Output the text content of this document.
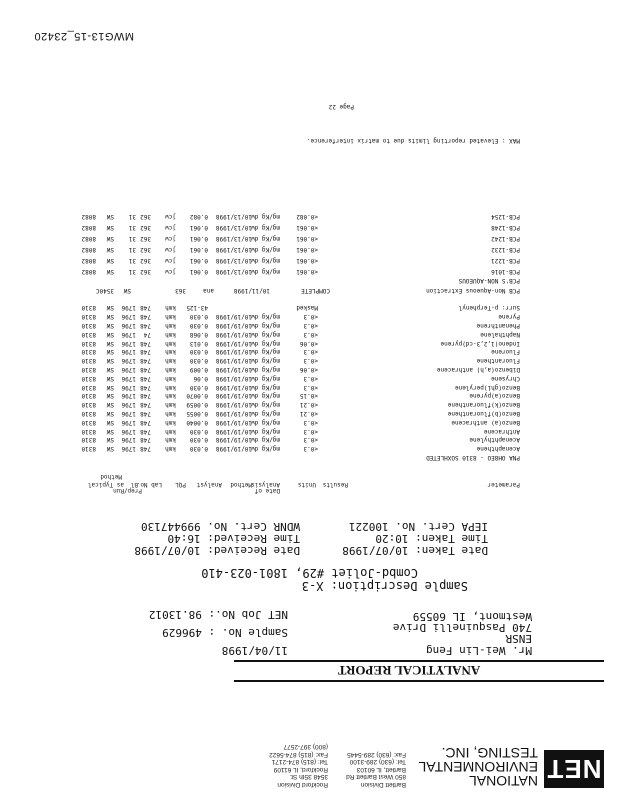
NET
NATIONAL
ENVIRONMENTAL
TESTING, INC.
Bartlett Division
850 West Bartlett Rd
Bartlett, IL 60103
Tel: (630) 289-3100
Fax: (630) 289-5445
Rockford Division
3548 35th St.
Rockford, IL 61109
Tel: (815) 874-2171
Fax: (815) 874-5622
(800) 397-2577
ANALYTICAL REPORT
Mr. Wei-Lin Feng
ENSR
740 Pasquinelli Drive
Westmont, IL 60559
11/04/1998
Sample No. : 496629
NET Job No.: 98.13012
Sample Description: X-3
Combd-Joliet #29, 1801-023-410
Date Taken: 10/07/1998
Time Taken: 10:20
IEPA Cert. No. 100221
Date Received: 10/07/1998
Time Received: 16:40
WDNR Cert. No. 999447130
Parameter
Results
Units
Date of
Analysis
Method
Analyst
PQL
Lab No.
Prep/Run
Bl
as Typical
Method
PNA OH8EO - 8310 SOXHLETED
Acenaphthene
<0.3
mg/Kg dw
10/19/1998
0.030
kmh
748
1796
SW
8310
Acenaphthylene
<0.3
mg/Kg dw
10/19/1998
0.030
kmh
748
1796
SW
8310
Anthracene
<0.3
mg/Kg dw
10/19/1998
0.030
kmh
748
1796
SW
8310
Benzo(a) anthracene
<0.3
mg/Kg dw
10/19/1998
0.0040
kmh
748
1796
SW
8310
Benzo(b)fluoranthene
<0.21
mg/Kg dw
10/19/1998
0.0055
kmh
748
1796
SW
8310
Benzo(k)fluoranthene
<0.21
mg/Kg dw
10/19/1998
0.0059
kmh
748
1796
SW
8310
Benzo(a)pyrene
<0.15
mg/Kg dw
10/19/1998
0.0070
kmh
748
1796
SW
8310
Benzo(ghi)perylene
<0.3
mg/Kg dw
10/19/1998
0.030
kmh
748
1796
SW
8310
Chrysene
<0.3
mg/Kg dw
10/19/1998
0.06
kmh
748
1796
SW
8310
Dibenzo(a,h) anthracene
<0.06
mg/Kg dw
10/19/1998
0.009
kmh
748
1796
SW
8310
Fluoranthene
<0.3
mg/Kg dw
10/19/1998
0.030
kmh
748
1796
SW
8310
Fluorene
<0.3
mg/Kg dw
10/19/1998
0.030
kmh
748
1796
SW
8310
Indeno(1,2,3-cd)pyrene
<0.06
mg/Kg dw
10/19/1998
0.013
kmh
748
1796
SW
8310
Naphthalene
<0.3
mg/Kg dw
10/19/1998
0.068
kmh
74
1796
SW
8310
Phenanthrene
<0.3
mg/Kg dw
10/19/1998
0.030
kmh
748
1796
SW
8310
Pyrene
<0.3
mg/Kg dw
10/19/1998
0.030
kmh
748
1796
SW
8310
Surr: p-Terphenyl
Masked
43-125
kmh
748
1796
SW
8310
PCB Non-Aqueous Extraction
COMPLETE
10/11/1998
ana
363
SW
3540C
PCB'S NON-AQUEOUS
PCB-1016
<0.061
mg/Kg dw
10/13/1998
0.061
jcw
362
31
SW
8082
PCB-1221
<0.061
mg/Kg dw
10/13/1998
0.061
jcw
362
31
SW
8082
PCB-1232
<0.061
mg/Kg dw
10/13/1998
0.061
jcw
362
31
SW
8082
PCB-1242
<0.061
mg/Kg dw
10/13/1998
0.061
jcw
362
31
SW
8082
PCB-1248
<0.061
mg/Kg dw
10/13/1998
0.061
jcw
362
31
SW
8082
PCB-1254
<0.082
mg/Kg dw
10/13/1998
0.082
jcw
362
31
SW
8082
MAX : Elevated reporting limits due to matrix interference.
Page 22
MWG13-15_23420
